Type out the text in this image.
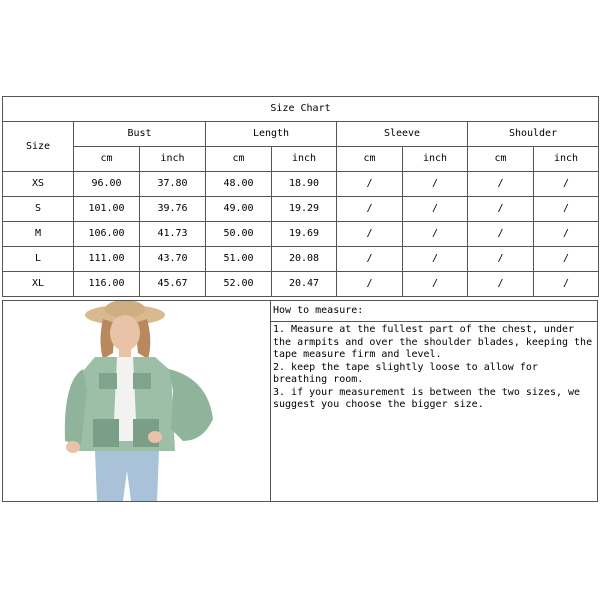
Size Chart								
Size	Bust		Length		Sleeve		Shoulder	
	cm	inch	cm	inch	cm	inch	cm	inch
XS	96.00	37.80	48.00	18.90	/	/	/	/
S	101.00	39.76	49.00	19.29	/	/	/	/
M	106.00	41.73	50.00	19.69	/	/	/	/
L	111.00	43.70	51.00	20.08	/	/	/	/
XL	116.00	45.67	52.00	20.47	/	/	/	/
How to measure:

1. Measure at the fullest part of the chest, under the armpits and over the shoulder blades, keeping the tape measure firm and level.

2. keep the tape slightly loose to allow for breathing room.

3. if your measurement is between the two sizes, we suggest you choose the bigger size.
